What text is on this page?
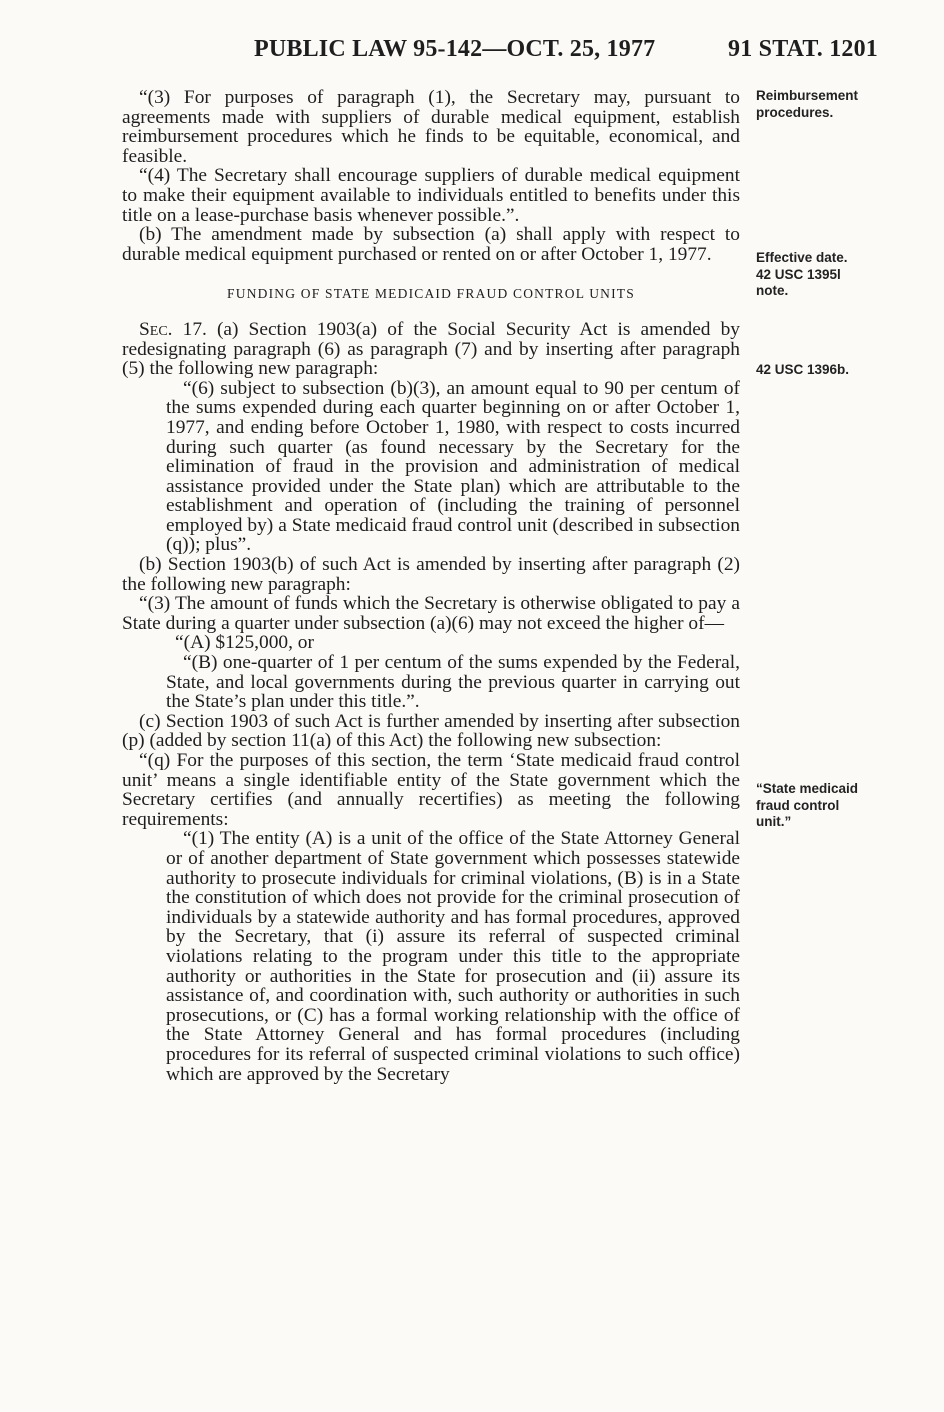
PUBLIC LAW 95-142—OCT. 25, 1977	91 STAT. 1201

“(3) For purposes of paragraph (1), the Secretary may, pursuant to agreements made with suppliers of durable medical equipment, establish reimbursement procedures which he finds to be equitable, economical, and feasible.

“(4) The Secretary shall encourage suppliers of durable medical equipment to make their equipment available to individuals entitled to benefits under this title on a lease-purchase basis whenever possible.”.

(b) The amendment made by subsection (a) shall apply with respect to durable medical equipment purchased or rented on or after October 1, 1977.

FUNDING OF STATE MEDICAID FRAUD CONTROL UNITS

Sec. 17. (a) Section 1903(a) of the Social Security Act is amended by redesignating paragraph (6) as paragraph (7) and by inserting after paragraph (5) the following new paragraph:

“(6) subject to subsection (b)(3), an amount equal to 90 per centum of the sums expended during each quarter beginning on or after October 1, 1977, and ending before October 1, 1980, with respect to costs incurred during such quarter (as found necessary by the Secretary for the elimination of fraud in the provision and administration of medical assistance provided under the State plan) which are attributable to the establishment and operation of (including the training of personnel employed by) a State medicaid fraud control unit (described in subsection (q)); plus”.

(b) Section 1903(b) of such Act is amended by inserting after paragraph (2) the following new paragraph:

“(3) The amount of funds which the Secretary is otherwise obligated to pay a State during a quarter under subsection (a)(6) may not exceed the higher of—

“(A) $125,000, or

“(B) one-quarter of 1 per centum of the sums expended by the Federal, State, and local governments during the previous quarter in carrying out the State’s plan under this title.”.

(c) Section 1903 of such Act is further amended by inserting after subsection (p) (added by section 11(a) of this Act) the following new subsection:

“(q) For the purposes of this section, the term ‘State medicaid fraud control unit’ means a single identifiable entity of the State government which the Secretary certifies (and annually recertifies) as meeting the following requirements:

“(1) The entity (A) is a unit of the office of the State Attorney General or of another department of State government which possesses statewide authority to prosecute individuals for criminal violations, (B) is in a State the constitution of which does not provide for the criminal prosecution of individuals by a statewide authority and has formal procedures, approved by the Secretary, that (i) assure its referral of suspected criminal violations relating to the program under this title to the appropriate authority or authorities in the State for prosecution and (ii) assure its assistance of, and coordination with, such authority or authorities in such prosecutions, or (C) has a formal working relationship with the office of the State Attorney General and has formal procedures (including procedures for its referral of suspected criminal violations to such office) which are approved by the Secretary

Reimbursement
procedures.
Effective date.
42 USC 1395l
note.
42 USC 1396b.
“State medicaid
fraud control
unit.”
